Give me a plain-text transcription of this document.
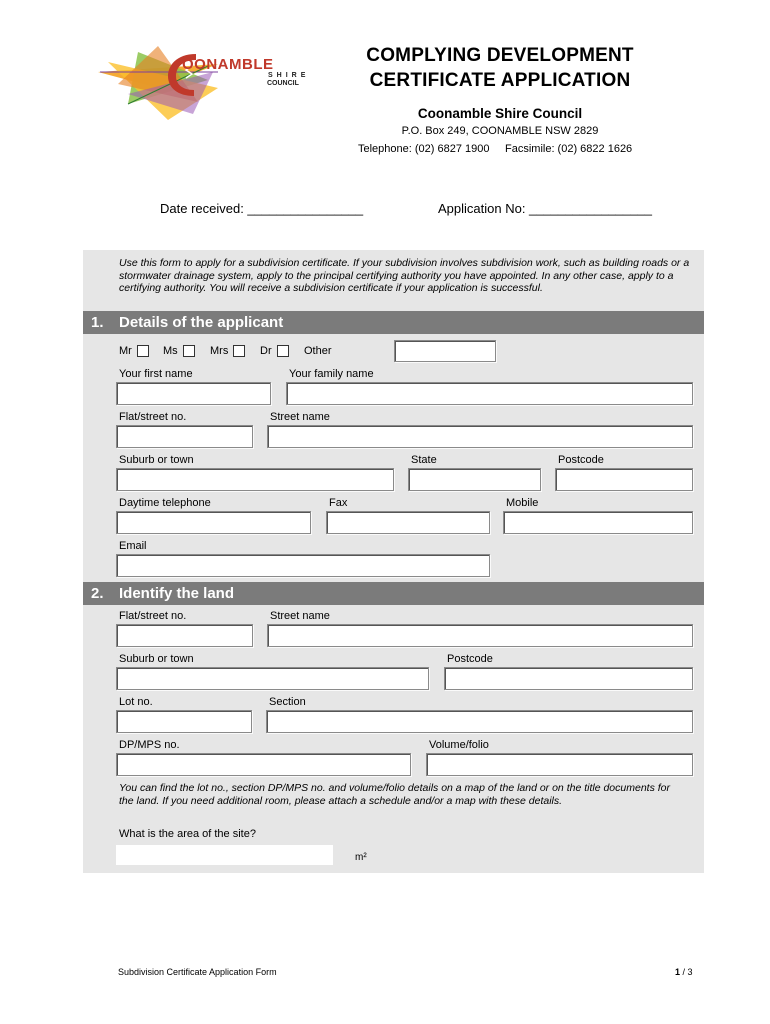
OONAMBLE
SHIRE
COUNCIL
COMPLYING DEVELOPMENT
CERTIFICATE APPLICATION
Coonamble Shire Council
P.O. Box 249, COONAMBLE NSW 2829
Telephone: (02) 6827 1900 Facsimile: (02) 6822 1626
Date received: ________________	Application No: _________________
Use this form to apply for a subdivision certificate. If your subdivision involves subdivision work, such as building roads or a stormwater drainage system, apply to the principal certifying authority you have appointed. In any other case, apply to a certifying authority. You will receive a subdivision certificate if your application is successful.
1. Details of the applicant
Mr	Ms	Mrs	Dr	Other
Your first name	Your family name
Flat/street no.	Street name
Suburb or town	State	Postcode
Daytime telephone	Fax	Mobile
Email
2. Identify the land
Flat/street no.	Street name
Suburb or town	Postcode
Lot no.	Section
DP/MPS no.	Volume/folio
You can find the lot no., section DP/MPS no. and volume/folio details on a map of the land or on the title documents for the land. If you need additional room, please attach a schedule and/or a map with these details.
What is the area of the site?
m²
Subdivision Certificate Application Form	1 / 3
